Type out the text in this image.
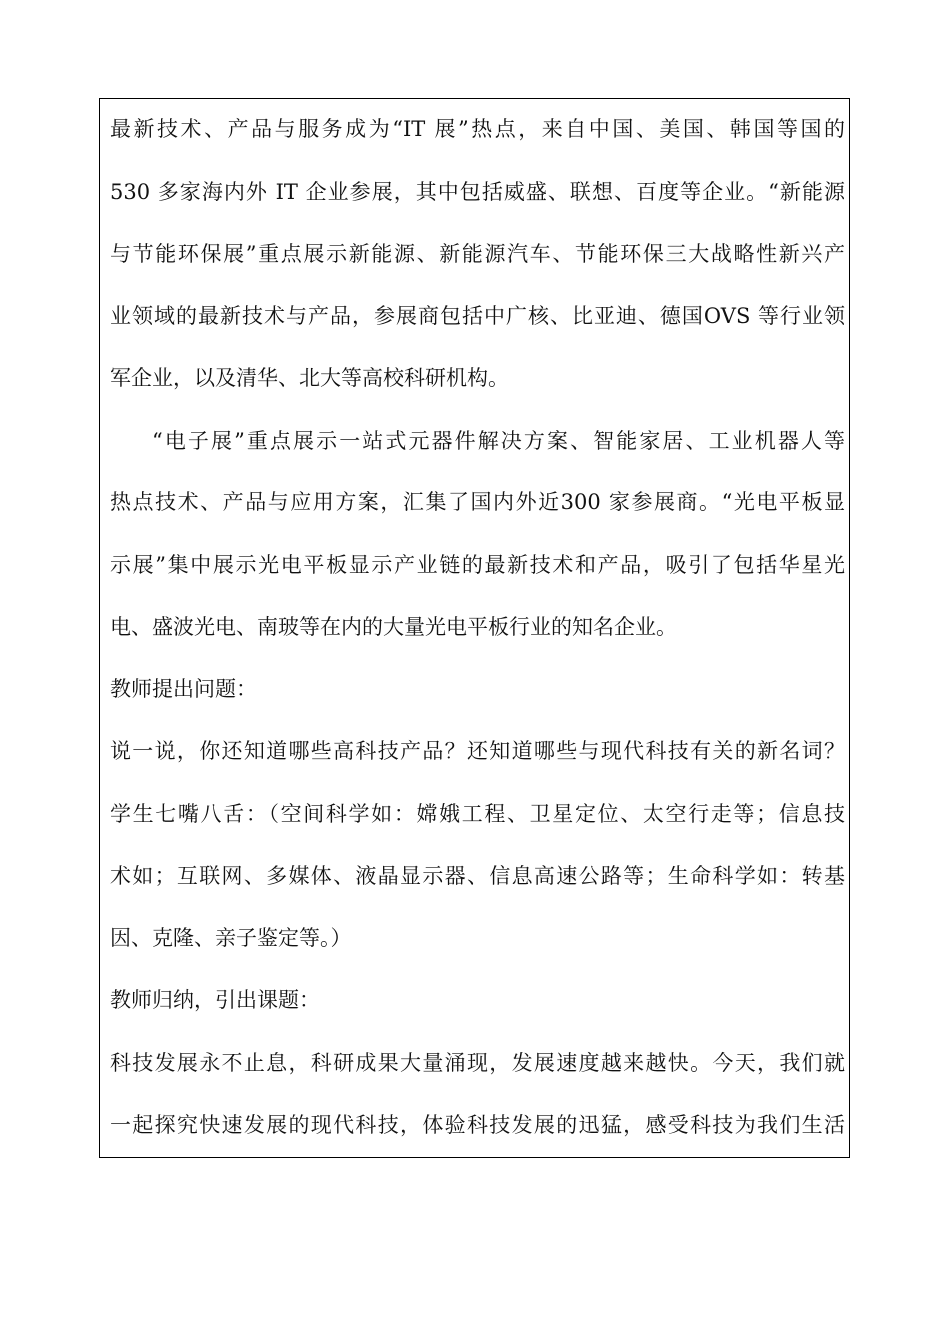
最新技术、产品与服务成为“IT 展”热点，来自中国、美国、韩国等国的
530 多家海内外 IT 企业参展，其中包括威盛、联想、百度等企业。“新能源
与节能环保展”重点展示新能源、新能源汽车、节能环保三大战略性新兴产
业领域的最新技术与产品，参展商包括中广核、比亚迪、德国OVS 等行业领
军企业，以及清华、北大等高校科研机构。
“电子展”重点展示一站式元器件解决方案、智能家居、工业机器人等
热点技术、产品与应用方案，汇集了国内外近300 家参展商。“光电平板显
示展”集中展示光电平板显示产业链的最新技术和产品，吸引了包括华星光
电、盛波光电、南玻等在内的大量光电平板行业的知名企业。
教师提出问题：
说一说，你还知道哪些高科技产品？还知道哪些与现代科技有关的新名词？
学生七嘴八舌：（空间科学如：嫦娥工程、卫星定位、太空行走等；信息技
术如；互联网、多媒体、液晶显示器、信息高速公路等；生命科学如：转基
因、克隆、亲子鉴定等。）
教师归纳，引出课题：
科技发展永不止息，科研成果大量涌现，发展速度越来越快。今天，我们就
一起探究快速发展的现代科技，体验科技发展的迅猛，感受科技为我们生活
